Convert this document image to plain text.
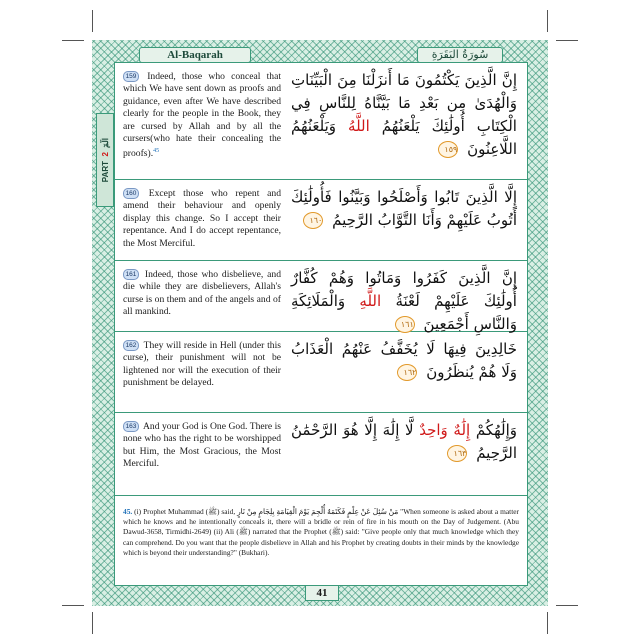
Al-Baqarah	سُورَةُ البَقَرَةِ
الٓمٓ
2
PART
159 Indeed, those who conceal that which We have sent down as proofs and guidance, even after We have described clearly for the people in the Book, they are cursed by Allah and by all the cursers(who hate their concealing the proofs).$^{45}$
إِنَّ الَّذِينَ يَكْتُمُونَ مَا أَنزَلْنَا مِنَ الْبَيِّنَاتِ وَالْهُدَىٰ مِن بَعْدِ مَا بَيَّنَّاهُ لِلنَّاسِ فِي الْكِتَابِ أُولَٰئِكَ يَلْعَنُهُمُ اللَّهُ وَيَلْعَنُهُمُ اللَّاعِنُونَ ١٥٩
160 Except those who repent and amend their behaviour and openly display this change. So I accept their repentance. And I do accept repentance, the Most Merciful.
إِلَّا الَّذِينَ تَابُوا وَأَصْلَحُوا وَبَيَّنُوا فَأُولَٰئِكَ أَتُوبُ عَلَيْهِمْ وَأَنَا التَّوَّابُ الرَّحِيمُ ١٦٠
161 Indeed, those who disbelieve, and die while they are disbelievers, Allah's curse is on them and of the angels and of all mankind.
إِنَّ الَّذِينَ كَفَرُوا وَمَاتُوا وَهُمْ كُفَّارٌ أُولَٰئِكَ عَلَيْهِمْ لَعْنَةُ اللَّهِ وَالْمَلَائِكَةِ وَالنَّاسِ أَجْمَعِينَ ١٦١
162 They will reside in Hell (under this curse), their punishment will not be lightened nor will the execution of their punishment be delayed.
خَالِدِينَ فِيهَا لَا يُخَفَّفُ عَنْهُمُ الْعَذَابُ وَلَا هُمْ يُنظَرُونَ ١٦٢
163 And your God is One God. There is none who has the right to be worshipped but Him, the Most Gracious, the Most Merciful.
وَإِلَٰهُكُمْ إِلَٰهٌ وَاحِدٌ لَّا إِلَٰهَ إِلَّا هُوَ الرَّحْمَٰنُ الرَّحِيمُ ١٦٣
45. (i) Prophet Muhammad (ﷺ) said, مَنْ سُئِلَ عَنْ عِلْمٍ فَكَتَمَهُ أُلْجِمَ يَوْمَ الْقِيَامَةِ بِلِجَامٍ مِنْ نَارٍ "When someone is asked about a matter which he knows and he intentionally conceals it, there will a bridle or rein of fire in his mouth on the Day of Judgement. (Abu Dawud-3658, Tirmidhi-2649) (ii) Ali (ﷺ) narrated that the Prophet (ﷺ) said: "Give people only that much knowledge which they can comprehend. Do you want that the people disbelieve in Allah and his Prophet by creating doubts in their minds by the knowledge which is beyond their understanding?" (Bukhari).
41
